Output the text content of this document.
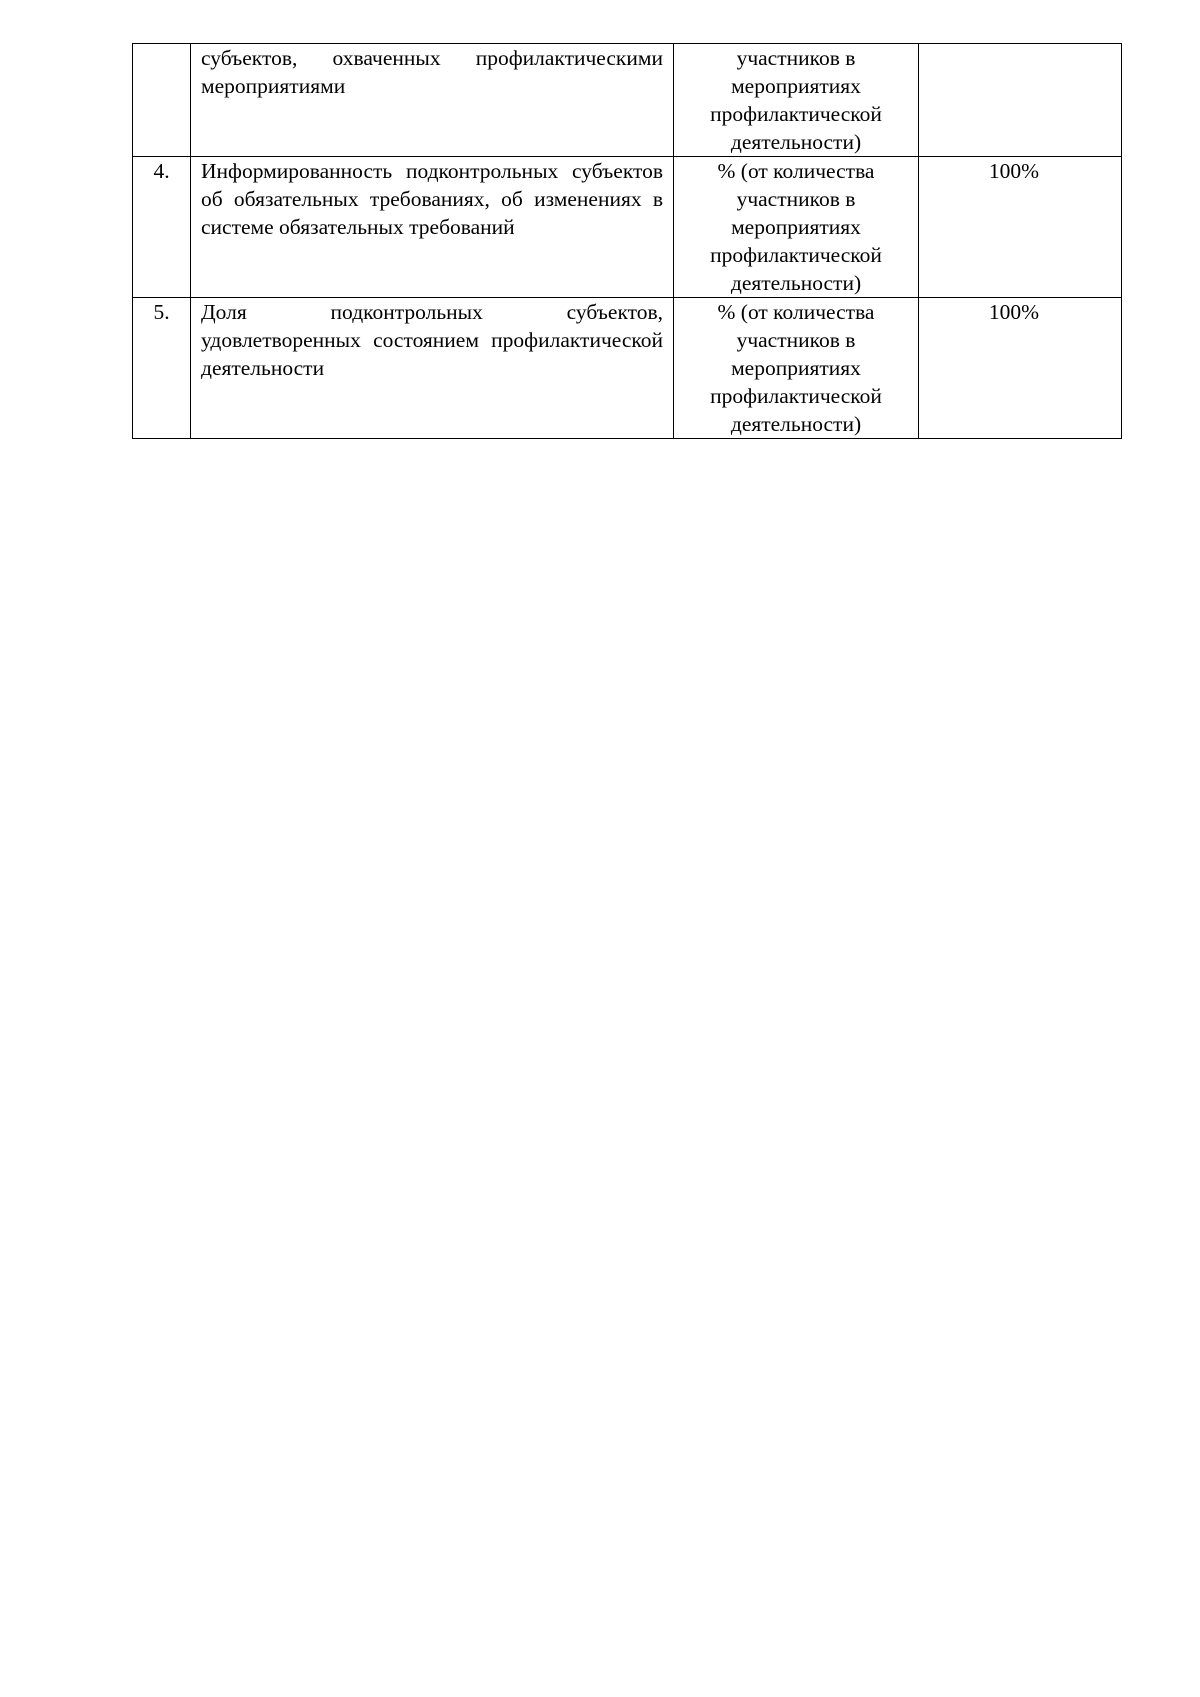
	субъектов, охваченных профилактическими мероприятиями	участников в мероприятиях профилактической деятельности)	

4.	Информированность подконтрольных субъектов об обязательных требованиях, об изменениях в системе обязательных требований	% (от количества участников в мероприятиях профилактической деятельности)	100%

5.	Доля подконтрольных субъектов, удовлетворенных состоянием профилактической деятельности	% (от количества участников в мероприятиях профилактической деятельности)	100%
